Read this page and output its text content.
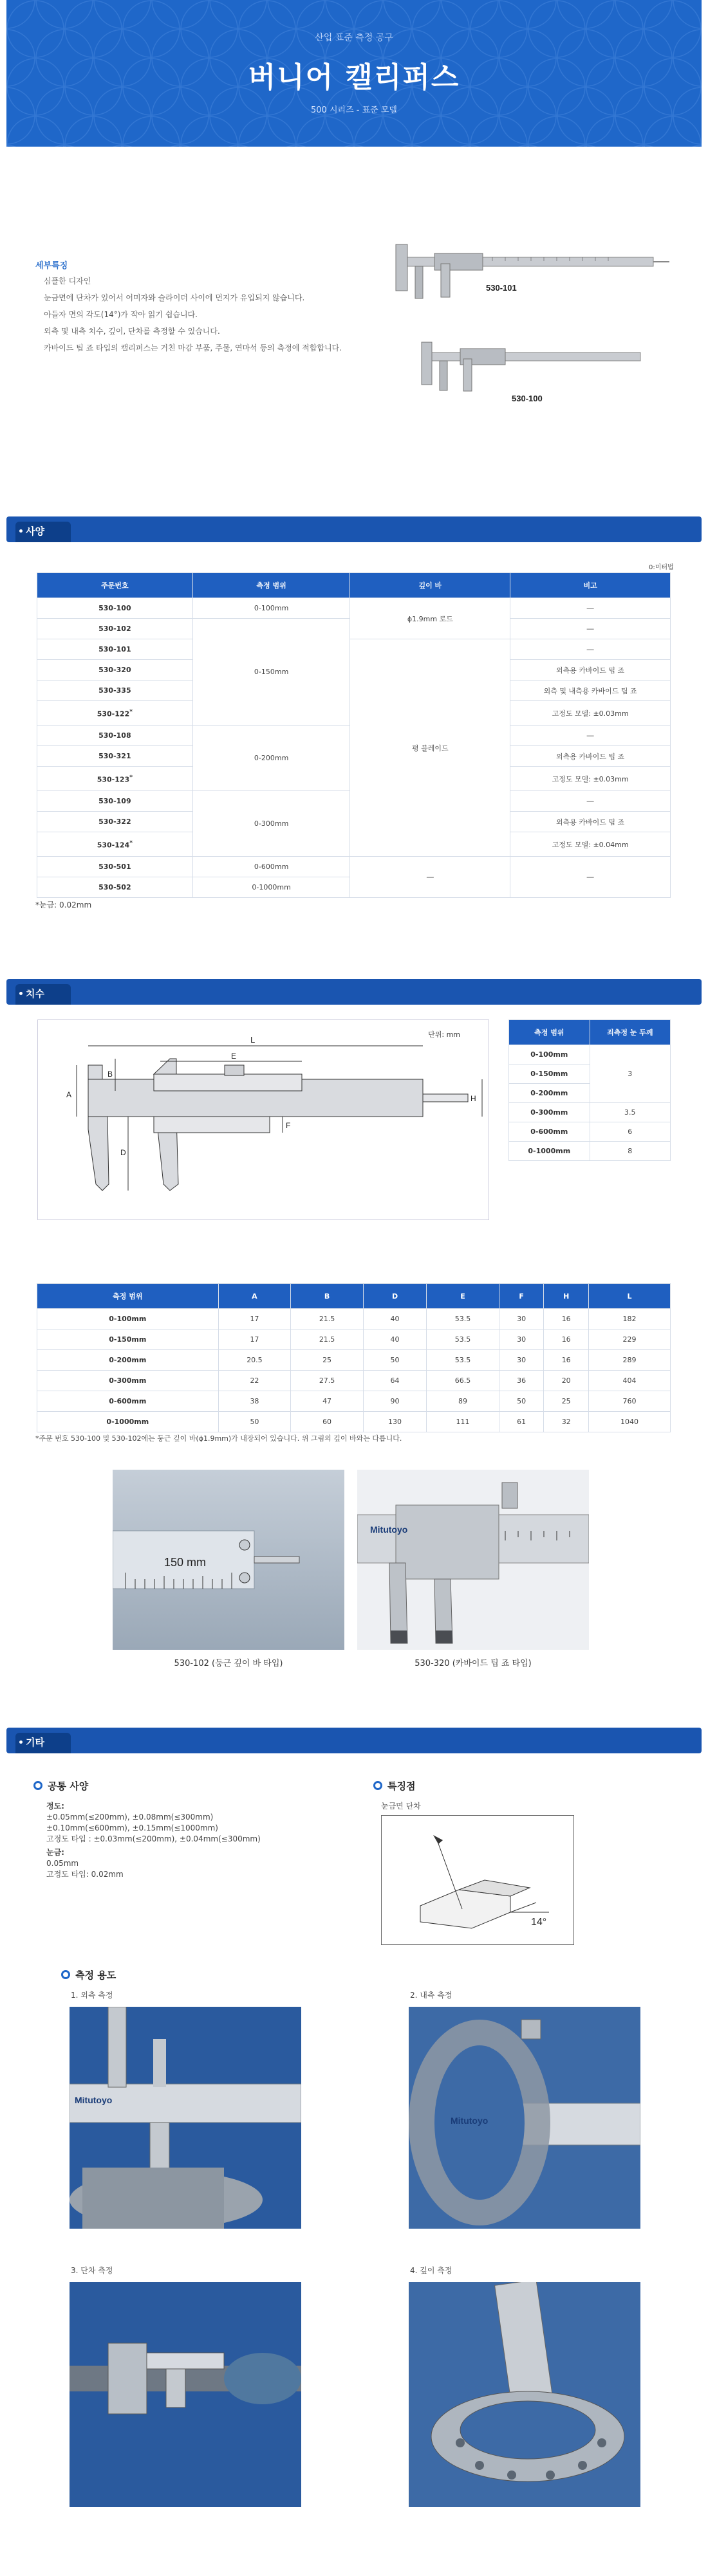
산업 표준 측정 공구
버니어 캘리퍼스
500 시리즈 - 표준 모델
세부특징
심플한 디자인
눈금면에 단차가 있어서 어미자와 슬라이더 사이에 먼지가 유입되지 않습니다.
아들자 면의 각도(14°)가 작아 읽기 쉽습니다.
외측 및 내측 치수, 깊이, 단차를 측정할 수 있습니다.
카바이드 팁 죠 타입의 캘리퍼스는 거친 마감 부품, 주물, 연마석 등의 측정에 적합합니다.
530-101
530-100
사양
0:미터법
주문번호	측정 범위	깊이 바	비고
530-100	0-100mm	ɸ1.9mm 로드	―
530-102	0-150mm		―
530-101		평 블레이드	―
530-320			외측용 카바이드 팁 죠
530-335			외측 및 내측용 카바이드 팁 죠
530-122*			고정도 모델: ±0.03mm
530-108	0-200mm		―
530-321			외측용 카바이드 팁 죠
530-123*			고정도 모델: ±0.03mm
530-109	0-300mm		―
530-322			외측용 카바이드 팁 죠
530-124*			고정도 모델: ±0.04mm
530-501	0-600mm	―	―
530-502	0-1000mm		
*눈금: 0.02mm
치수
단위: mm
L
A
B
E
D
F
H
측정 범위	죄측정 눈 두께
0-100mm	3
0-150mm	
0-200mm	
0-300mm	3.5
0-600mm	6
0-1000mm	8
측정 범위	A	B	D	E	F	H	L
0-100mm	17	21.5	40	53.5	30	16	182
0-150mm	17	21.5	40	53.5	30	16	229
0-200mm	20.5	25	50	53.5	30	16	289
0-300mm	22	27.5	64	66.5	36	20	404
0-600mm	38	47	90	89	50	25	760
0-1000mm	50	60	130	111	61	32	1040
*주문 번호 530-100 및 530-102에는 둥근 깊이 바(ɸ1.9mm)가 내장되어 있습니다. 위 그림의 깊이 바와는 다릅니다.
150 mm
530-102 (둥근 깊이 바 타입)
Mitutoyo
530-320 (카바이드 팁 죠 타입)
기타
공통 사양
정도:
±0.05mm(≤200mm), ±0.08mm(≤300mm)
±0.10mm(≤600mm), ±0.15mm(≤1000mm)
고정도 타입 : ±0.03mm(≤200mm), ±0.04mm(≤300mm)
눈금:
0.05mm
고정도 타입: 0.02mm
특징점
눈금면 단차
14°
측정 용도
1. 외측 측정
Mitutoyo
2. 내측 측정
Mitutoyo
3. 단차 측정	4. 깊이 측정
